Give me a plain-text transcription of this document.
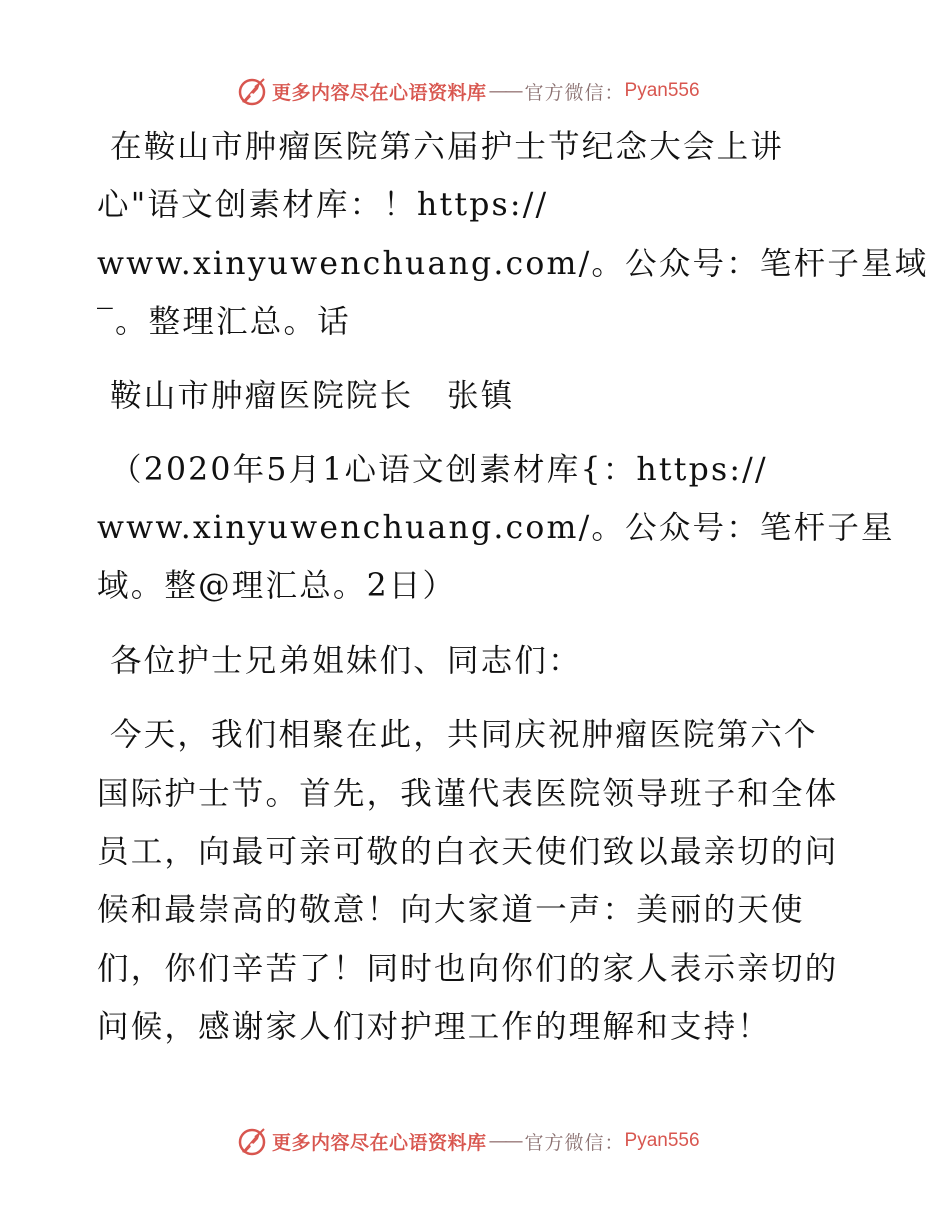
更多内容尽在心语资料库 —— 官方微信： Pyan556

在鞍山市肿瘤医院第六届护士节纪念大会上讲

心"语文创素材库：！https://

www.xinyuwenchuang.com/。公众号：笔杆子星域

‾。整理汇总。话

鞍山市肿瘤医院院长　张镇

（2020年5月1心语文创素材库{：https://

www.xinyuwenchuang.com/。公众号：笔杆子星

域。整@理汇总。2日）

各位护士兄弟姐妹们、同志们：

今天，我们相聚在此，共同庆祝肿瘤医院第六个

国际护士节。首先，我谨代表医院领导班子和全体

员工，向最可亲可敬的白衣天使们致以最亲切的问

候和最崇高的敬意！向大家道一声：美丽的天使

们，你们辛苦了！同时也向你们的家人表示亲切的

问候，感谢家人们对护理工作的理解和支持！

更多内容尽在心语资料库 —— 官方微信： Pyan556
